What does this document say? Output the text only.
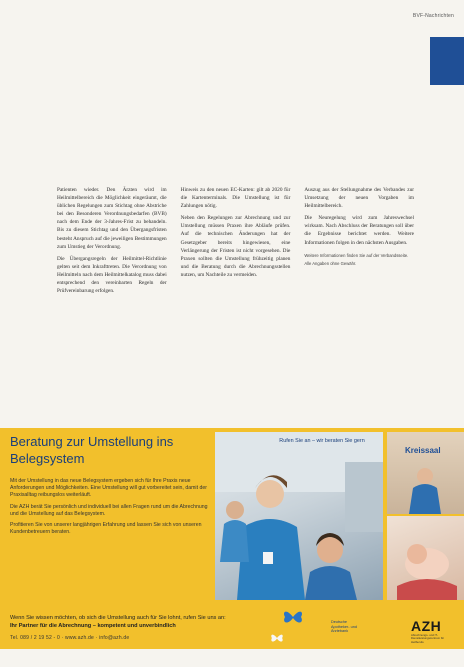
BVF-Nachrichten

Patienten wieder. Den Ärzten wird im Heilmittelbereich die Möglichkeit eingeräumt, die üblichen Regelungen zum Stichtag ohne Abstriche bei den Besonderen Verordnungsbedarfen (BVB) nach dem Ende der 3-Jahres-Frist zu behandeln. Bis zu diesem Stichtag und den Übergangsfristen besteht Anspruch auf die jeweiligen Bestimmungen zum Umstieg der Verordnung.

Die Übergangsregeln der Heilmittel-Richtlinie gelten seit dem Inkrafttreten. Die Verordnung von Heilmitteln nach dem Heilmittelkatalog muss dabei entsprechend den vereinbarten Regeln der Prüfvereinbarung erfolgen.

Hinweis zu den neuen EC-Karten: gilt ab 2020 für die Kartenterminals. Die Umstellung ist für Zahlungen nötig.

Neben den Regelungen zur Abrechnung und zur Umstellung müssen Praxen ihre Abläufe prüfen. Auf die technischen Änderungen hat der Gesetzgeber bereits hingewiesen, eine Verlängerung der Fristen ist nicht vorgesehen. Die Praxen sollten die Umstellung frühzeitig planen und die Beratung durch die Abrechnungsstellen nutzen, um Nachteile zu vermeiden.

Auszug aus der Stellungnahme des Verbandes zur Umsetzung der neuen Vorgaben im Heilmittelbereich.

Die Neuregelung wird zum Jahreswechsel wirksam. Nach Abschluss der Beratungen soll über die Ergebnisse berichtet werden. Weitere Informationen folgen in den nächsten Ausgaben.

Weitere Informationen finden Sie auf der Verbandsseite.
Alle Angaben ohne Gewähr.
Beratung zur Umstellung ins Belegsystem

Mit der Umstellung in das neue Belegsystem ergeben sich für Ihre Praxis neue Anforderungen und Möglichkeiten. Eine Umstellung will gut vorbereitet sein, damit der Praxisalltag reibungslos weiterläuft.

Die AZH berät Sie persönlich und individuell bei allen Fragen rund um die Abrechnung und die Umstellung auf das Belegsystem.

Profitieren Sie von unserer langjährigen Erfahrung und lassen Sie sich von unseren Kundenbetreuern beraten.

Rufen Sie an – wir beraten Sie gern
Kreissaal
Wenn Sie wissen möchten, ob sich die Umstellung auch für Sie lohnt, rufen Sie uns an:
Ihr Partner für die Abrechnung – kompetent und unverbindlich
Deutsche
Apotheker- und
Ärztebank	AZH
Abrechnungs- und IT-Dienstleistungszentrum für Heilberufe
Tel. 089 / 2 19 52 - 0 · www.azh.de · info@azh.de
